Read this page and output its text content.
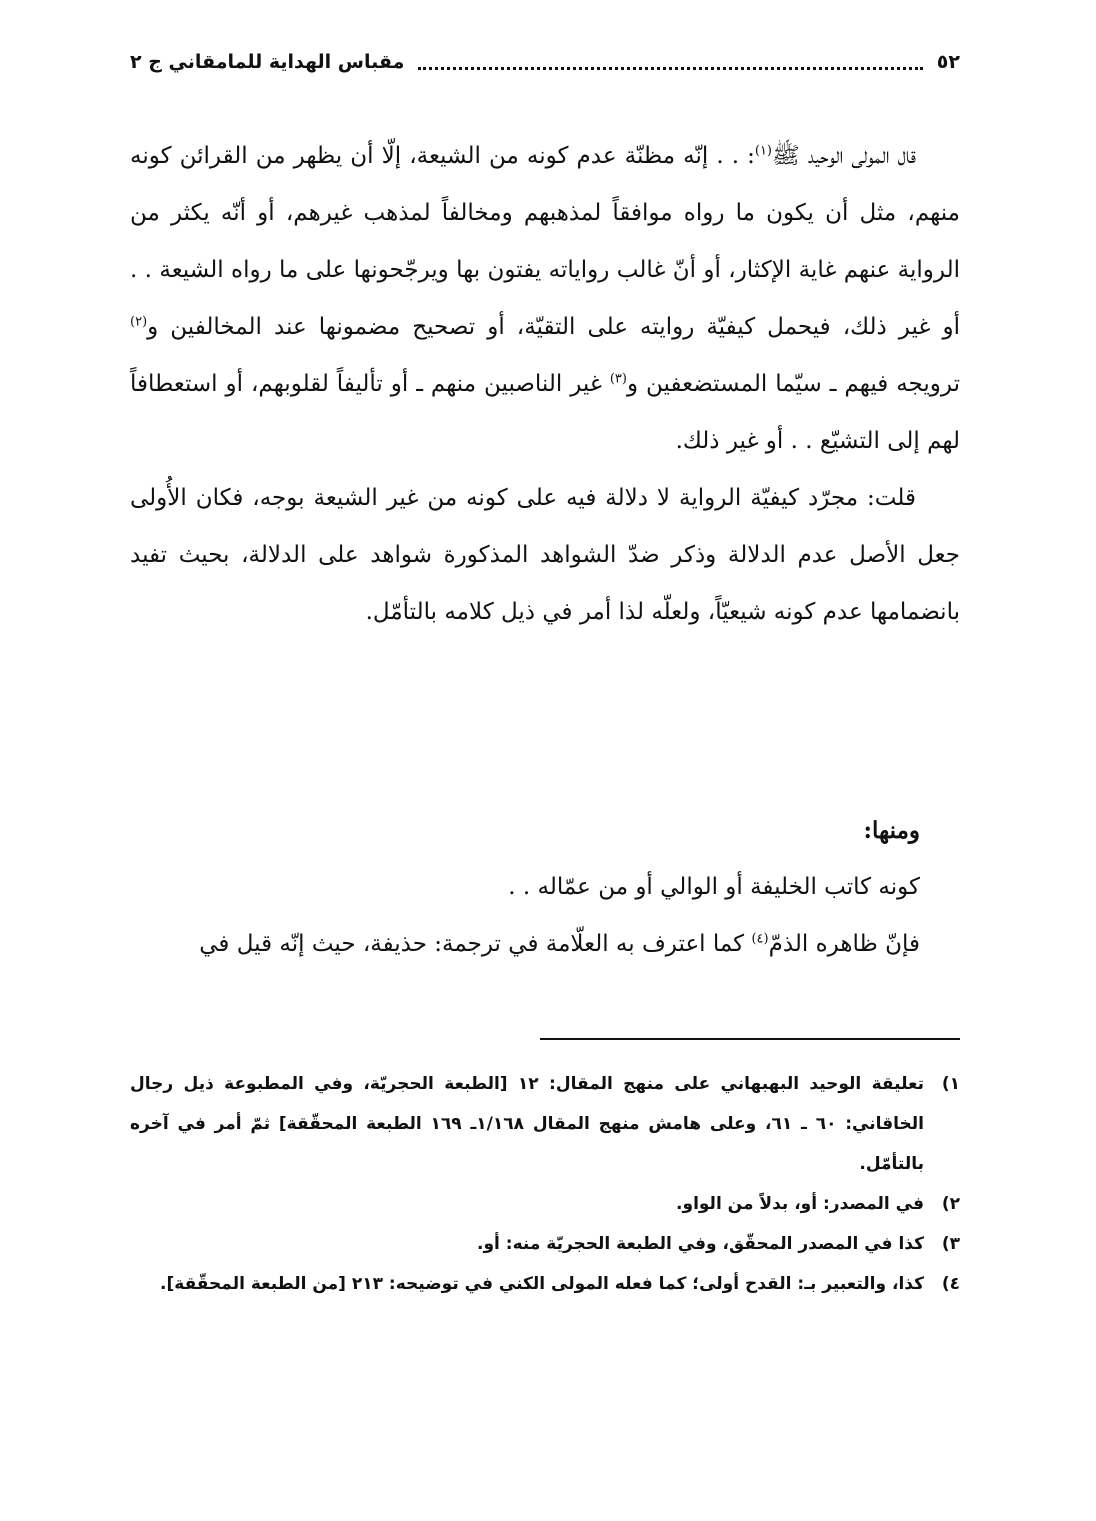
٥٢
مقباس الهداية للمامقاني ج ٢

قال المولى الوحيد ﷺ$^{(١)}$: . . إنّه مظنّة عدم كونه من الشيعة، إلّا أن يظهر من القرائن كونه منهم، مثل أن يكون ما رواه موافقاً لمذهبهم ومخالفاً لمذهب غيرهم، أو أنّه يكثر من الرواية عنهم غاية الإكثار، أو أنّ غالب رواياته يفتون بها ويرجّحونها على ما رواه الشيعة . . أو غير ذلك، فيحمل كيفيّة روايته على التقيّة، أو تصحيح مضمونها عند المخالفين و$^{(٢)}$ ترويجه فيهم ـ سيّما المستضعفين و$^{(٣)}$ غير الناصبين منهم ـ أو تأليفاً لقلوبهم، أو استعطافاً لهم إلى التشيّع . . أو غير ذلك.

قلت: مجرّد كيفيّة الرواية لا دلالة فيه على كونه من غير الشيعة بوجه، فكان الأُولى جعل الأصل عدم الدلالة وذكر ضدّ الشواهد المذكورة شواهد على الدلالة، بحيث تفيد بانضمامها عدم كونه شيعيّاً، ولعلّه لذا أمر في ذيل كلامه بالتأمّل.

ومنها:

كونه كاتب الخليفة أو الوالي أو من عمّاله . .

فإنّ ظاهره الذمّ$^{(٤)}$ كما اعترف به العلّامة في ترجمة: حذيفة، حيث إنّه قيل في

١)
تعليقة الوحيد البهبهاني على منهج المقال: ١٢ [الطبعة الحجريّة، وفي المطبوعة ذيل رجال الخاقاني: ٦٠ ـ ٦١، وعلى هامش منهج المقال ١/١٦٨ـ ١٦٩ الطبعة المحقّقة] ثمّ أمر في آخره بالتأمّل.
٢)
في المصدر: أو، بدلاً من الواو.
٣)
كذا في المصدر المحقّق، وفي الطبعة الحجريّة منه: أو.
٤)
كذا، والتعبير بـ: القدح أولى؛ كما فعله المولى الكني في توضيحه: ٢١٣ [من الطبعة المحقّقة].
